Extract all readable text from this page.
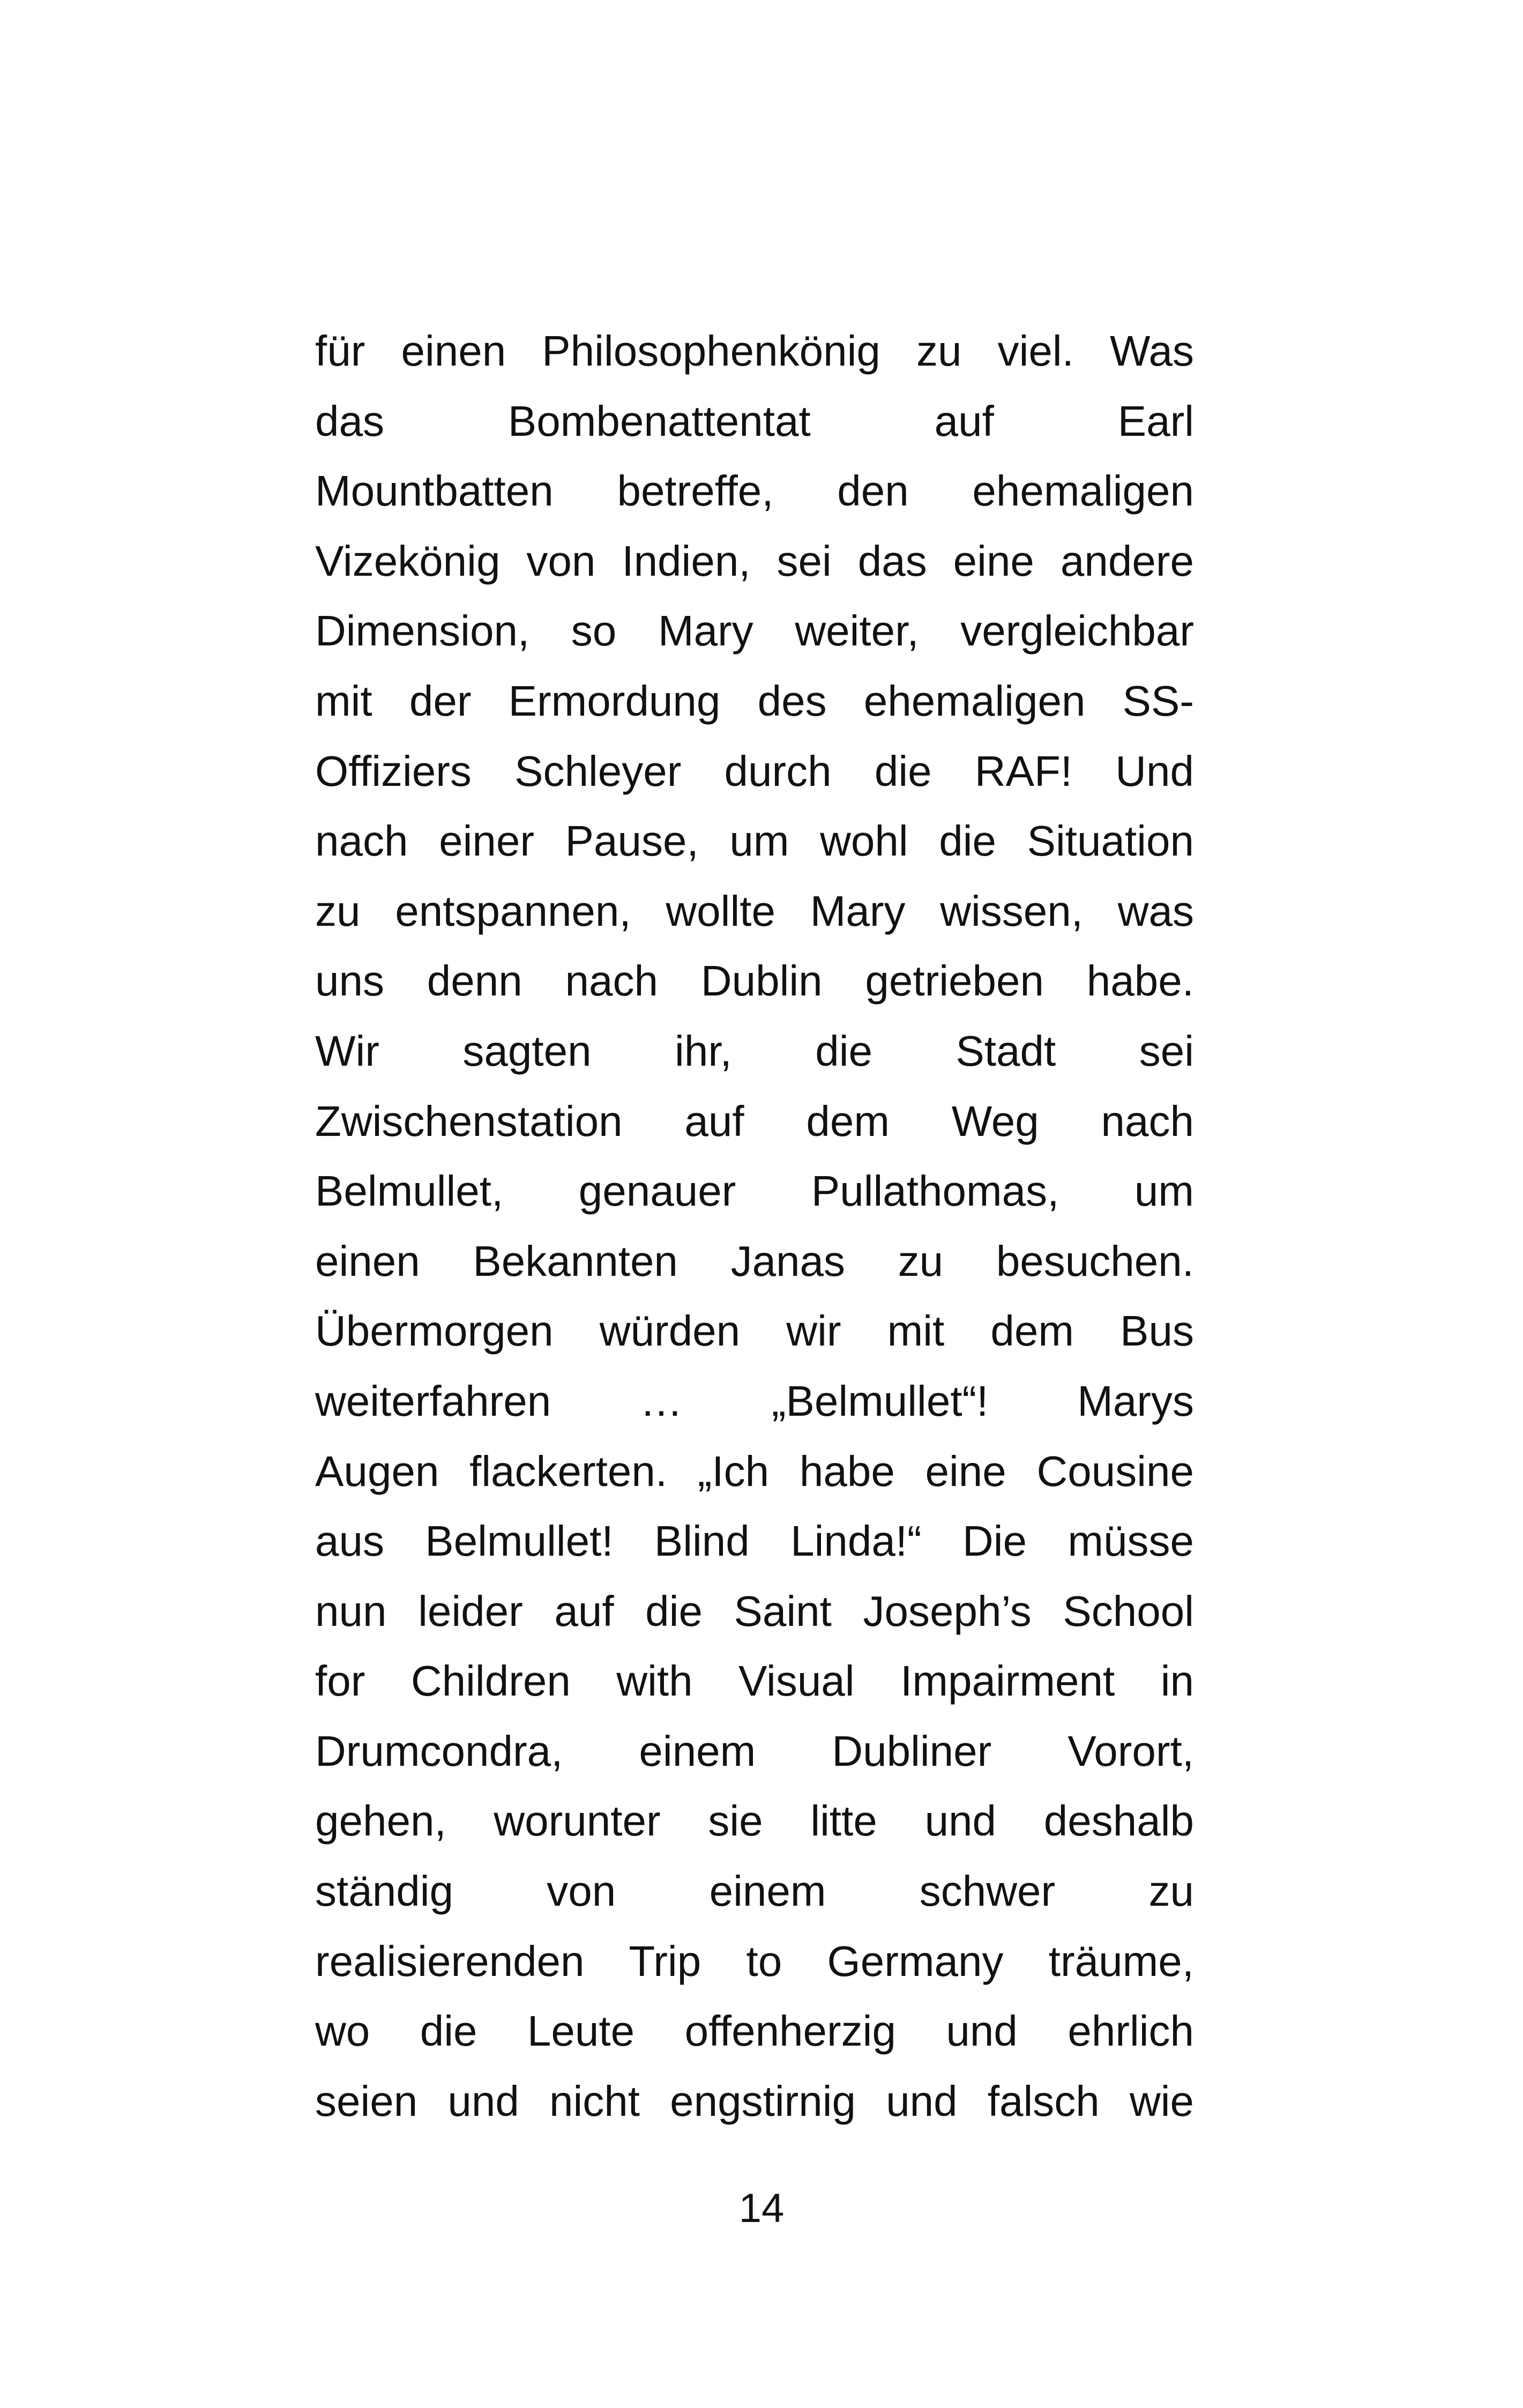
für einen Philosophenkönig zu viel. Was
das Bombenattentat auf Earl
Mountbatten betreffe, den ehemaligen
Vizekönig von Indien, sei das eine andere
Dimension, so Mary weiter, vergleichbar
mit der Ermordung des ehemaligen SS-
Offiziers Schleyer durch die RAF! Und
nach einer Pause, um wohl die Situation
zu entspannen, wollte Mary wissen, was
uns denn nach Dublin getrieben habe.
Wir sagten ihr, die Stadt sei
Zwischenstation auf dem Weg nach
Belmullet, genauer Pullathomas, um
einen Bekannten Janas zu besuchen.
Übermorgen würden wir mit dem Bus
weiterfahren … „Belmullet“! Marys
Augen flackerten. „Ich habe eine Cousine
aus Belmullet! Blind Linda!“ Die müsse
nun leider auf die Saint Joseph’s School
for Children with Visual Impairment in
Drumcondra, einem Dubliner Vorort,
gehen, worunter sie litte und deshalb
ständig von einem schwer zu
realisierenden Trip to Germany träume,
wo die Leute offenherzig und ehrlich
seien und nicht engstirnig und falsch wie
14
